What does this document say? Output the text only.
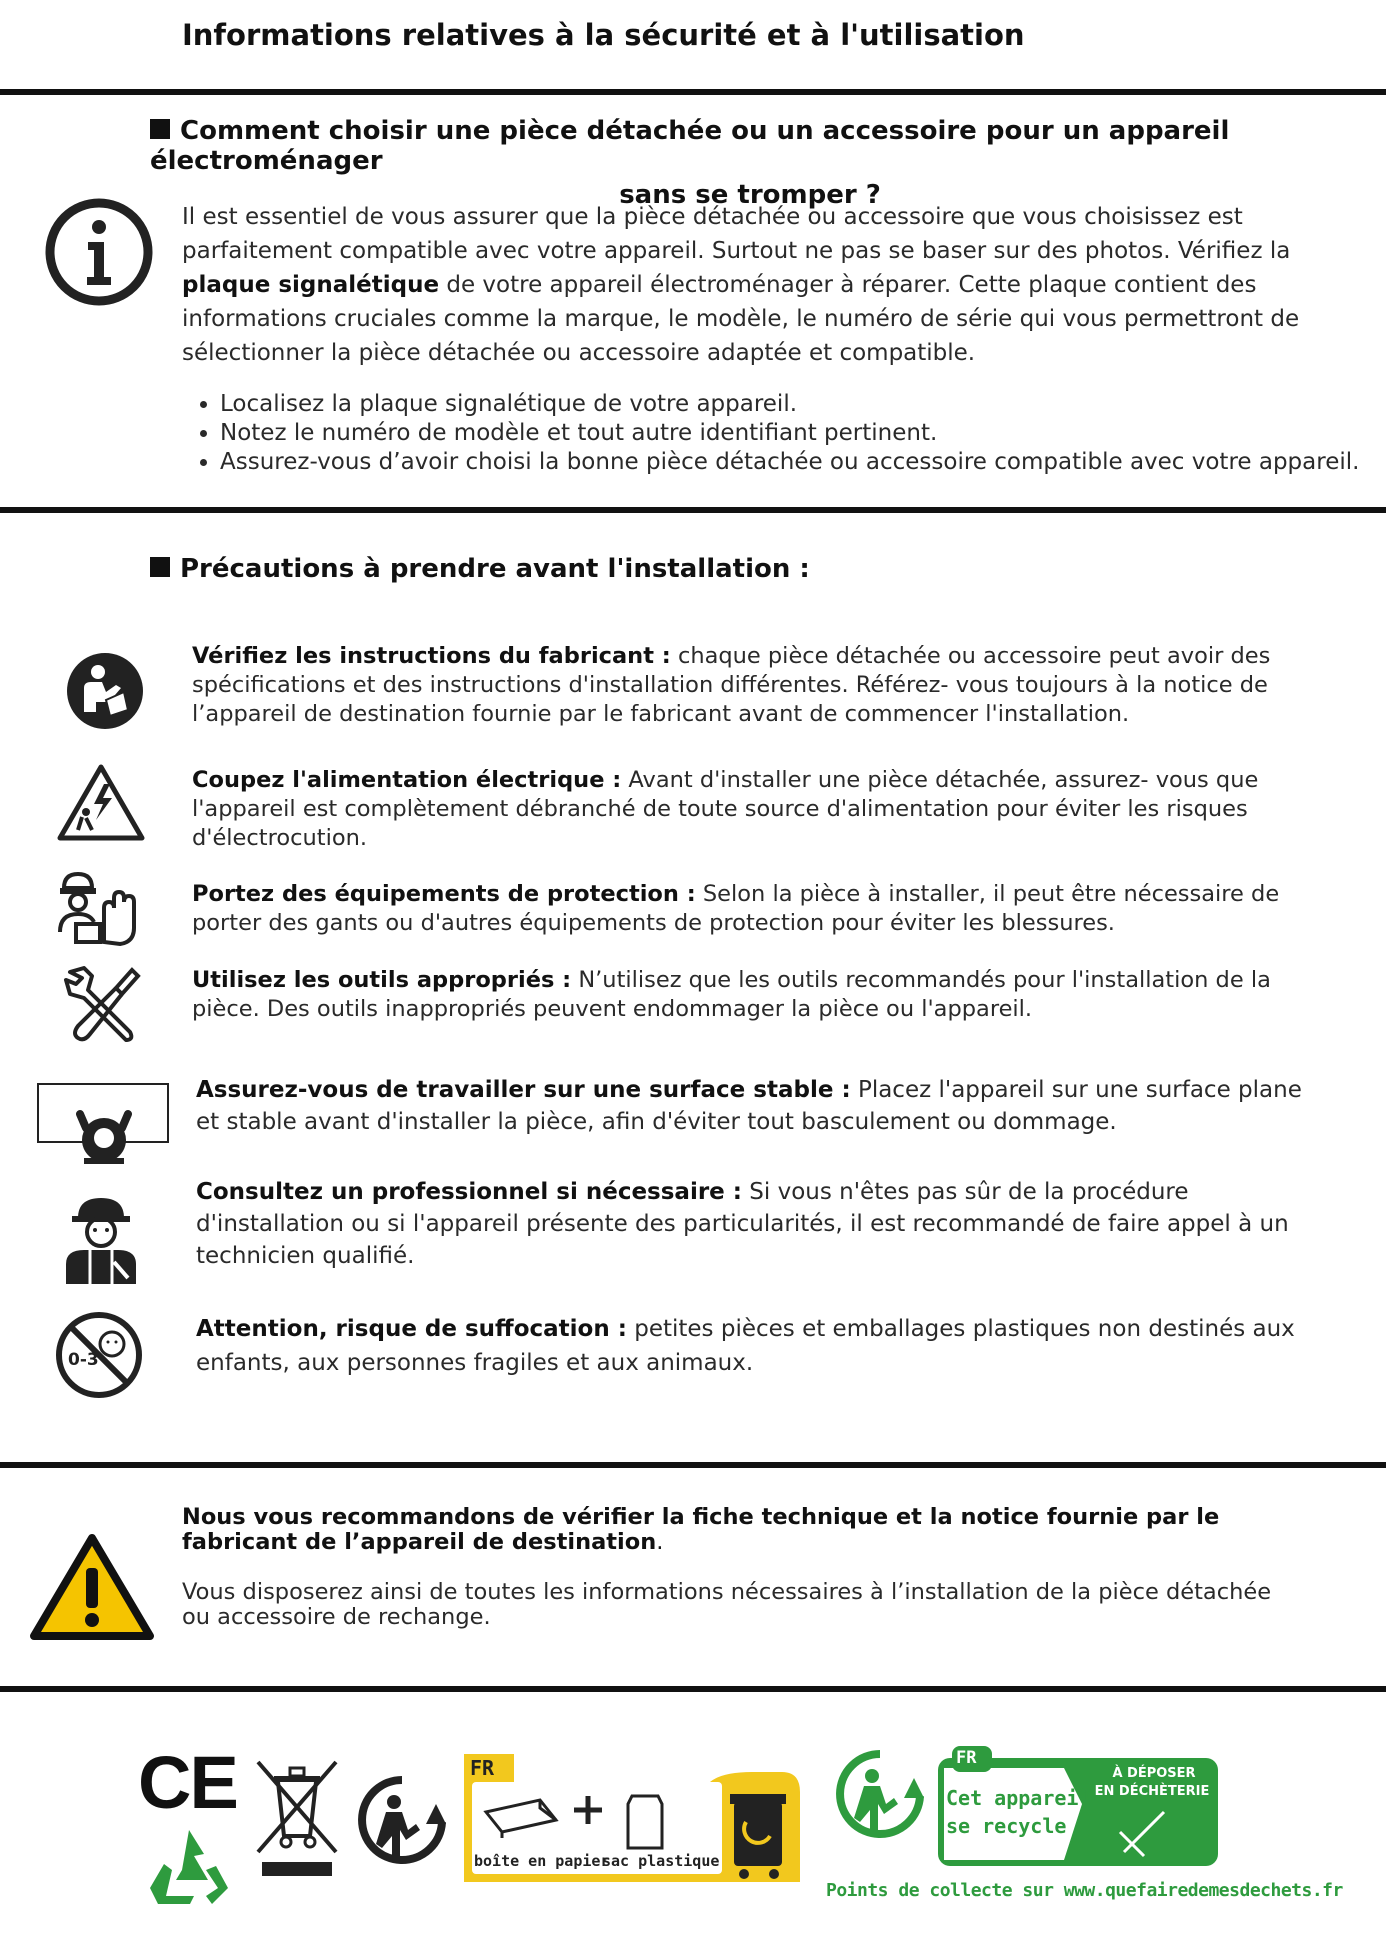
Informations relatives à la sécurité et à l'utilisation
Comment choisir une pièce détachée ou un accessoire pour un appareil électroménager
sans se tromper ?
Il est essentiel de vous assurer que la pièce détachée ou accessoire que vous choisissez est parfaitement compatible avec votre appareil. Surtout ne pas se baser sur des photos. Vérifiez la plaque signalétique de votre appareil électroménager à réparer. Cette plaque contient des informations cruciales comme la marque, le modèle, le numéro de série qui vous permettront de sélectionner la pièce détachée ou accessoire adaptée et compatible.
• Localisez la plaque signalétique de votre appareil.
• Notez le numéro de modèle et tout autre identifiant pertinent.
• Assurez-vous d’avoir choisi la bonne pièce détachée ou accessoire compatible avec votre appareil.
Précautions à prendre avant l'installation :
Vérifiez les instructions du fabricant : chaque pièce détachée ou accessoire peut avoir des spécifications et des instructions d'installation différentes. Référez- vous toujours à la notice de l’appareil de destination fournie par le fabricant avant de commencer l'installation.
Coupez l'alimentation électrique : Avant d'installer une pièce détachée, assurez- vous que l'appareil est complètement débranché de toute source d'alimentation pour éviter les risques d'électrocution.
Portez des équipements de protection : Selon la pièce à installer, il peut être nécessaire de porter des gants ou d'autres équipements de protection pour éviter les blessures.
Utilisez les outils appropriés : N’utilisez que les outils recommandés pour l'installation de la pièce. Des outils inappropriés peuvent endommager la pièce ou l'appareil.
Assurez-vous de travailler sur une surface stable : Placez l'appareil sur une surface plane et stable avant d'installer la pièce, afin d'éviter tout basculement ou dommage.
Consultez un professionnel si nécessaire : Si vous n'êtes pas sûr de la procédure d'installation ou si l'appareil présente des particularités, il est recommandé de faire appel à un technicien qualifié.
0-3
Attention, risque de suffocation : petites pièces et emballages plastiques non destinés aux enfants, aux personnes fragiles et aux animaux.
Nous vous recommandons de vérifier la fiche technique et la notice fournie par le fabricant de l’appareil de destination.
Vous disposerez ainsi de toutes les informations nécessaires à l’installation de la pièce détachée ou accessoire de rechange.
CE	FR
boîte en papier
sac plastique
FR
Cet appareil
se recycle
À DÉPOSER
EN DÉCHÈTERIE
Points de collecte sur www.quefairedemesdechets.fr
